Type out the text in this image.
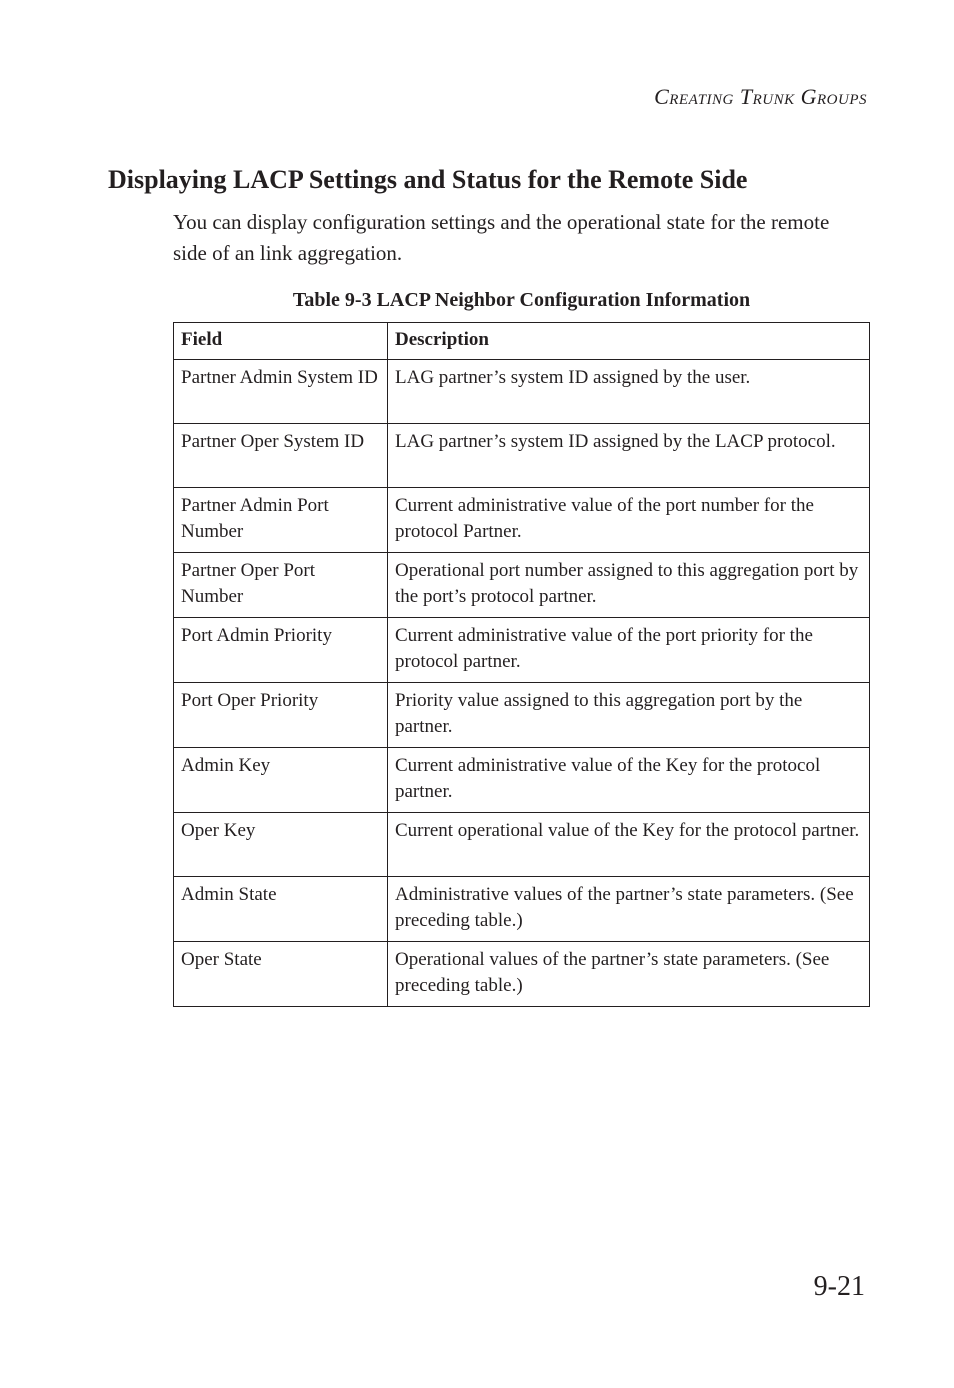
Creating Trunk Groups
Displaying LACP Settings and Status for the Remote Side

You can display configuration settings and the operational state for the remote side of an link aggregation.

Table 9-3 LACP Neighbor Configuration Information
Field	Description
Partner Admin System ID	LAG partner’s system ID assigned by the user.
Partner Oper System ID	LAG partner’s system ID assigned by the LACP protocol.
Partner Admin Port Number	Current administrative value of the port number for the protocol Partner.
Partner Oper Port Number	Operational port number assigned to this aggregation port by the port’s protocol partner.
Port Admin Priority	Current administrative value of the port priority for the protocol partner.
Port Oper Priority	Priority value assigned to this aggregation port by the partner.
Admin Key	Current administrative value of the Key for the protocol partner.
Oper Key	Current operational value of the Key for the protocol partner.
Admin State	Administrative values of the partner’s state parameters. (See preceding table.)
Oper State	Operational values of the partner’s state parameters. (See preceding table.)
9-21
